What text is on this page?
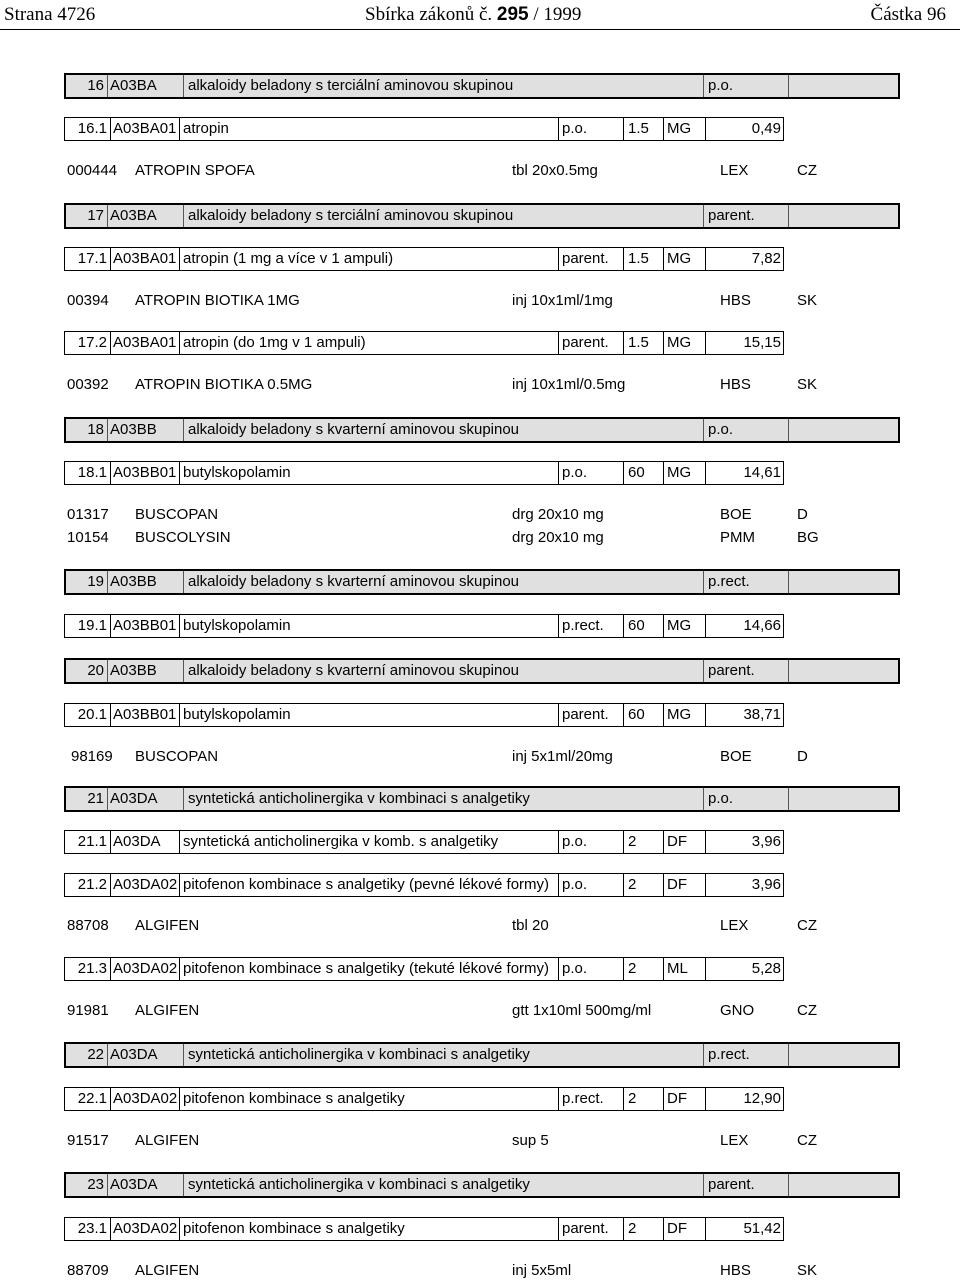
Strana 4726	Sbírka zákonů č. 295 / 1999	Částka 96
16 A03BA alkaloidy beladony s terciální aminovou skupinou	p.o.
16.1 A03BA01 atropin	p.o.	1.5 MG	0,49
000444 ATROPIN SPOFA	tbl 20x0.5mg	LEX	CZ
17 A03BA alkaloidy beladony s terciální aminovou skupinou	parent.
17.1 A03BA01 atropin (1 mg a více v 1 ampuli)	parent. 1.5 MG	7,82
00394 ATROPIN BIOTIKA 1MG	inj 10x1ml/1mg	HBS	SK
17.2 A03BA01 atropin (do 1mg v 1 ampuli)	parent. 1.5 MG	15,15
00392 ATROPIN BIOTIKA 0.5MG	inj 10x1ml/0.5mg	HBS	SK
18 A03BB alkaloidy beladony s kvarterní aminovou skupinou	p.o.
18.1 A03BB01 butylskopolamin	p.o.	60 MG	14,61
01317 BUSCOPAN	drg 20x10 mg	BOE	D
10154 BUSCOLYSIN	drg 20x10 mg	PMM	BG
19 A03BB alkaloidy beladony s kvarterní aminovou skupinou	p.rect.
19.1 A03BB01 butylskopolamin	p.rect. 60 MG	14,66
20 A03BB alkaloidy beladony s kvarterní aminovou skupinou	parent.
20.1 A03BB01 butylskopolamin	parent. 60 MG	38,71
98169 BUSCOPAN	inj 5x1ml/20mg	BOE	D
21 A03DA syntetická anticholinergika v kombinaci s analgetiky	p.o.
21.1 A03DA syntetická anticholinergika v komb. s analgetiky	p.o.	2 DF	3,96
21.2 A03DA02 pitofenon kombinace s analgetiky (pevné lékové formy) p.o.	2 DF	3,96
88708 ALGIFEN	tbl 20	LEX	CZ
21.3 A03DA02 pitofenon kombinace s analgetiky (tekuté lékové formy) p.o.	2 ML	5,28
91981 ALGIFEN	gtt 1x10ml 500mg/ml	GNO	CZ
22 A03DA syntetická anticholinergika v kombinaci s analgetiky	p.rect.
22.1 A03DA02 pitofenon kombinace s analgetiky	p.rect. 2 DF	12,90
91517 ALGIFEN	sup 5	LEX	CZ
23 A03DA syntetická anticholinergika v kombinaci s analgetiky	parent.
23.1 A03DA02 pitofenon kombinace s analgetiky	parent. 2 DF	51,42
88709 ALGIFEN	inj 5x5ml	HBS	SK
